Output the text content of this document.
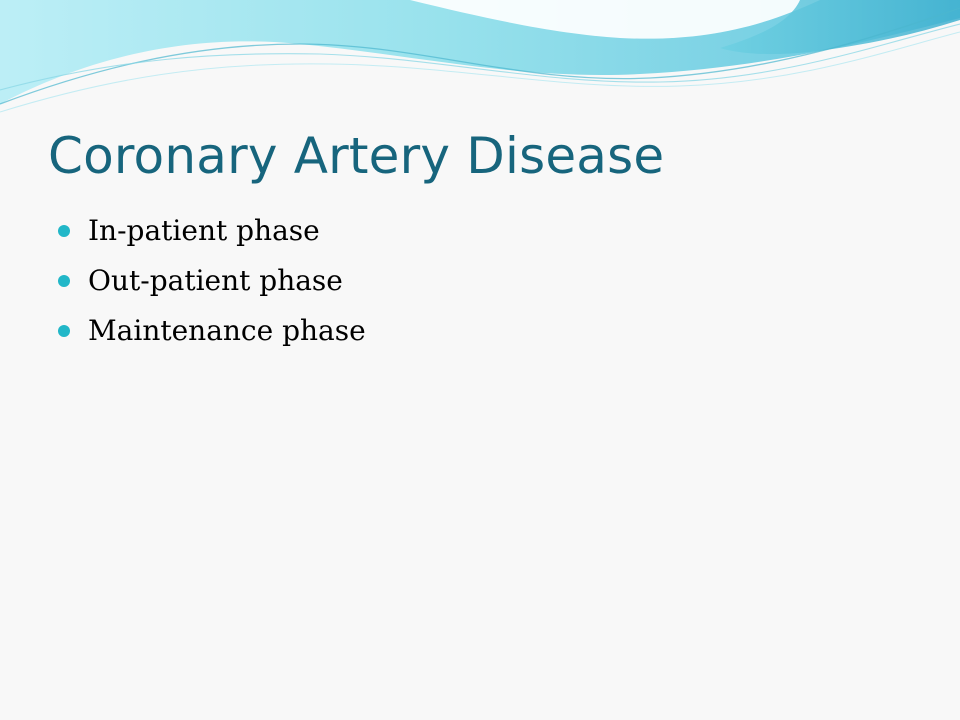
Coronary Artery Disease
In-patient phase
Out-patient phase
Maintenance phase
